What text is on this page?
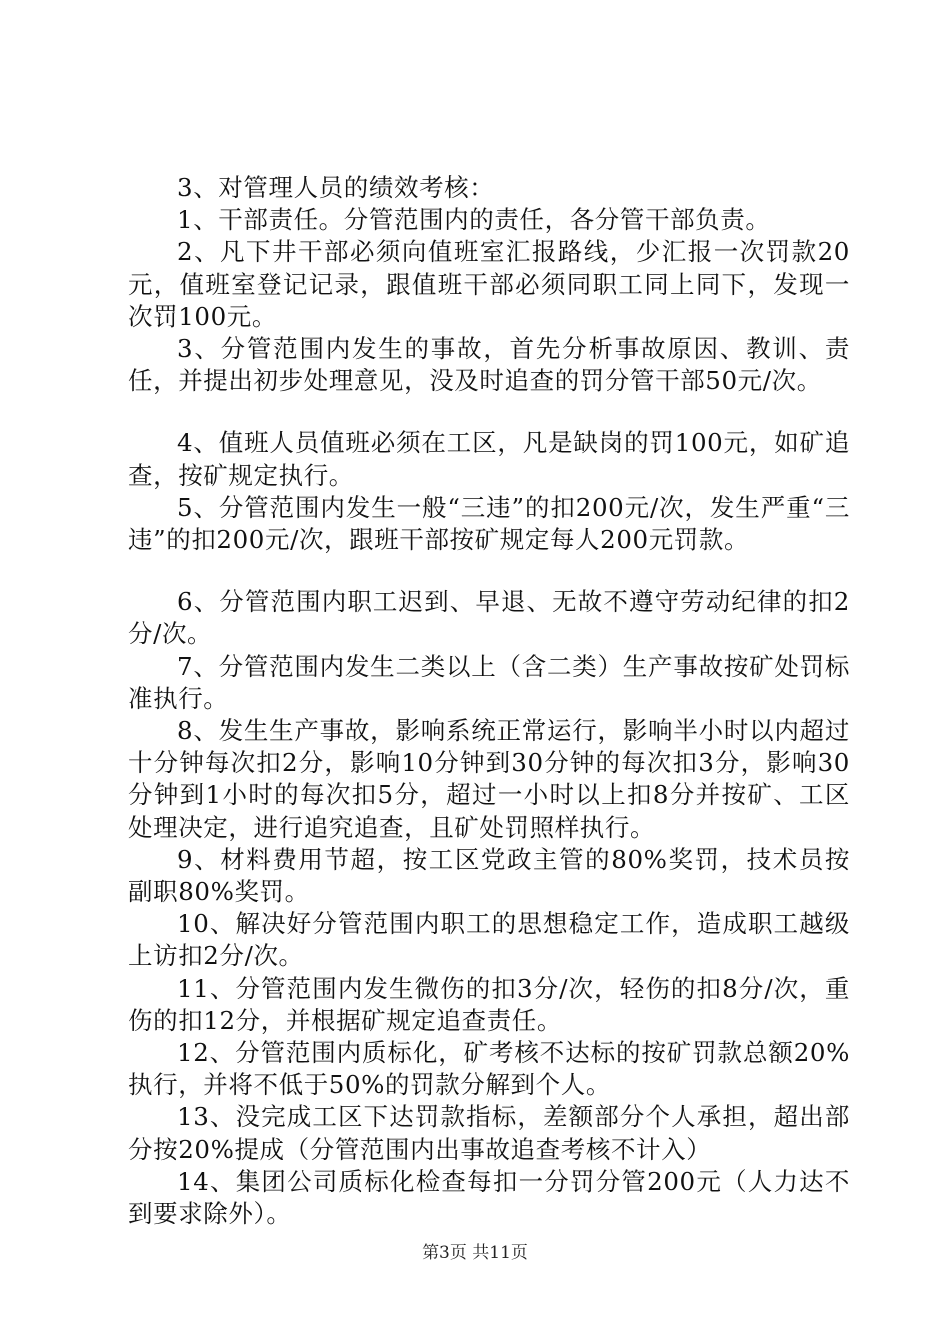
3、对管理人员的绩效考核：

1、干部责任。分管范围内的责任，各分管干部负责。

2、凡下井干部必须向值班室汇报路线，少汇报一次罚款20元，值班室登记记录，跟值班干部必须同职工同上同下，发现一次罚100元。

3、分管范围内发生的事故，首先分析事故原因、教训、责任，并提出初步处理意见，没及时追查的罚分管干部50元/次。

4、值班人员值班必须在工区，凡是缺岗的罚100元，如矿追查，按矿规定执行。

5、分管范围内发生一般“三违”的扣200元/次，发生严重“三违”的扣200元/次，跟班干部按矿规定每人200元罚款。

6、分管范围内职工迟到、早退、无故不遵守劳动纪律的扣2分/次。

7、分管范围内发生二类以上（含二类）生产事故按矿处罚标准执行。

8、发生生产事故，影响系统正常运行，影响半小时以内超过十分钟每次扣2分，影响10分钟到30分钟的每次扣3分，影响30分钟到1小时的每次扣5分，超过一小时以上扣8分并按矿、工区处理决定，进行追究追查，且矿处罚照样执行。

9、材料费用节超，按工区党政主管的80%奖罚，技术员按副职80%奖罚。

10、解决好分管范围内职工的思想稳定工作，造成职工越级上访扣2分/次。

11、分管范围内发生微伤的扣3分/次，轻伤的扣8分/次，重伤的扣12分，并根据矿规定追查责任。

12、分管范围内质标化，矿考核不达标的按矿罚款总额20%执行，并将不低于50%的罚款分解到个人。

13、没完成工区下达罚款指标，差额部分个人承担，超出部分按20%提成（分管范围内出事故追查考核不计入）

14、集团公司质标化检查每扣一分罚分管200元（人力达不到要求除外）。

第3页 共11页
